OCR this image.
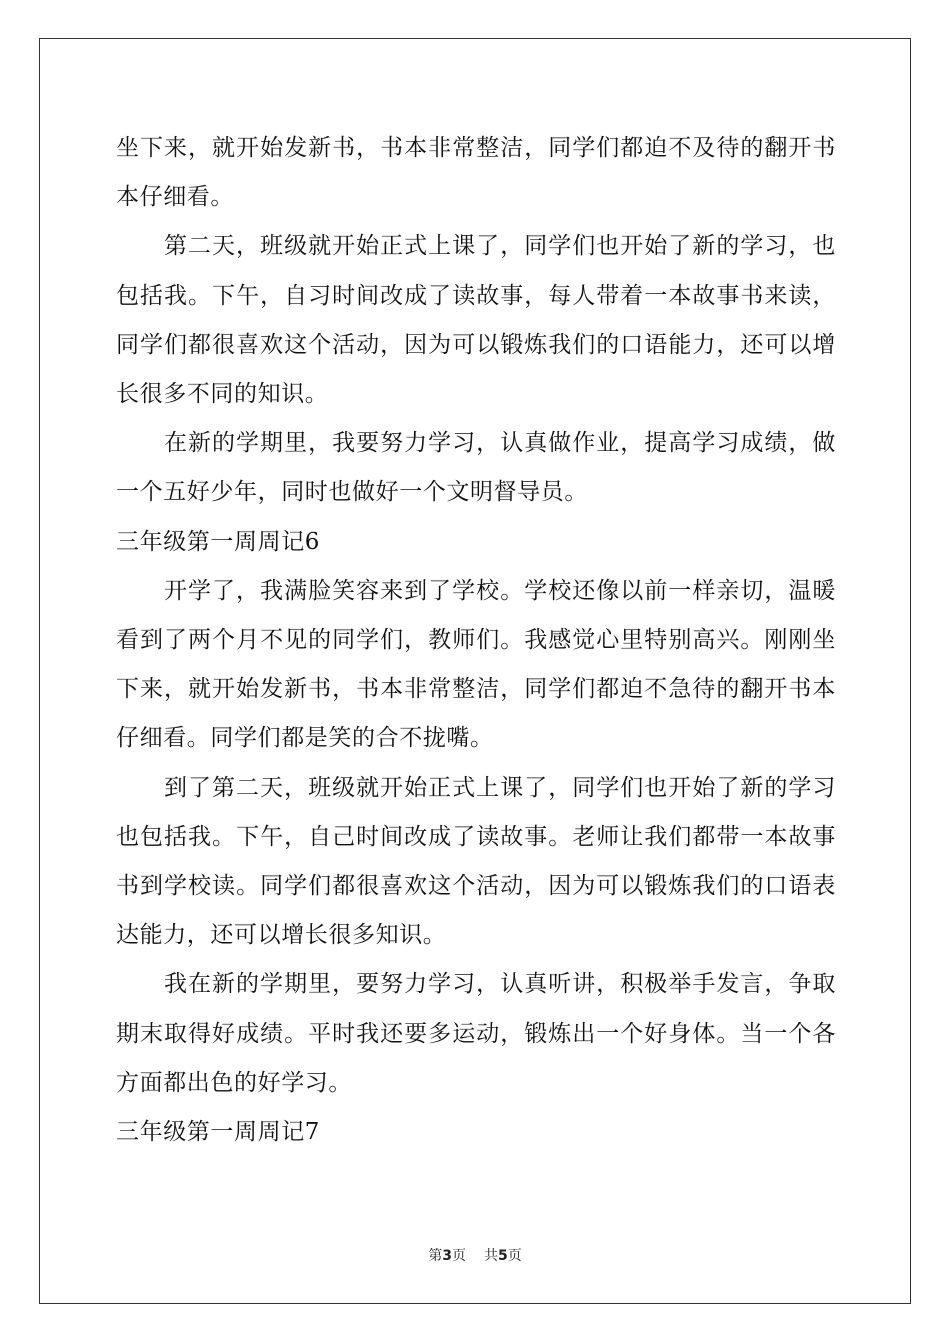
坐下来，就开始发新书，书本非常整洁，同学们都迫不及待的翻开书本仔细看。

第二天，班级就开始正式上课了，同学们也开始了新的学习，也包括我。下午，自习时间改成了读故事，每人带着一本故事书来读，同学们都很喜欢这个活动，因为可以锻炼我们的口语能力，还可以增长很多不同的知识。

在新的学期里，我要努力学习，认真做作业，提高学习成绩，做一个五好少年，同时也做好一个文明督导员。

三年级第一周周记6

开学了，我满脸笑容来到了学校。学校还像以前一样亲切，温暖看到了两个月不见的同学们，教师们。我感觉心里特别高兴。刚刚坐下来，就开始发新书，书本非常整洁，同学们都迫不急待的翻开书本仔细看。同学们都是笑的合不拢嘴。

到了第二天，班级就开始正式上课了，同学们也开始了新的学习也包括我。下午，自己时间改成了读故事。老师让我们都带一本故事书到学校读。同学们都很喜欢这个活动，因为可以锻炼我们的口语表达能力，还可以增长很多知识。

我在新的学期里，要努力学习，认真听讲，积极举手发言，争取期末取得好成绩。平时我还要多运动，锻炼出一个好身体。当一个各方面都出色的好学习。

三年级第一周周记7

第3页 共5页
